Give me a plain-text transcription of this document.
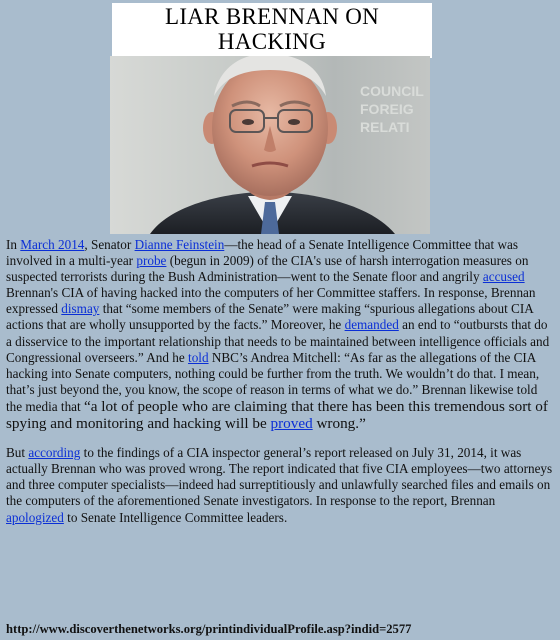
LIAR BRENNAN ON HACKING
COUNCIL
FOREIG
RELATI

In March 2014, Senator Dianne Feinstein—the head of a Senate Intelligence Committee that was involved in a multi-year probe (begun in 2009) of the CIA's use of harsh interrogation measures on suspected terrorists during the Bush Administration—went to the Senate floor and angrily accused Brennan's CIA of having hacked into the computers of her Committee staffers. In response, Brennan expressed dismay that “some members of the Senate” were making “spurious allegations about CIA actions that are wholly unsupported by the facts.” Moreover, he demanded an end to “outbursts that do a disservice to the important relationship that needs to be maintained between intelligence officials and Congressional overseers.” And he told NBC’s Andrea Mitchell: “As far as the allegations of the CIA hacking into Senate computers, nothing could be further from the truth. We wouldn’t do that. I mean, that’s just beyond the, you know, the scope of reason in terms of what we do.” Brennan likewise told the media that “a lot of people who are claiming that there has been this tremendous sort of spying and monitoring and hacking will be proved wrong.”

But according to the findings of a CIA inspector general’s report released on July 31, 2014, it was actually Brennan who was proved wrong. The report indicated that five CIA employees—two attorneys and three computer specialists—indeed had surreptitiously and unlawfully searched files and emails on the computers of the aforementioned Senate investigators. In response to the report, Brennan apologized to Senate Intelligence Committee leaders.

http://www.discoverthenetworks.org/printindividualProfile.asp?indid=2577
